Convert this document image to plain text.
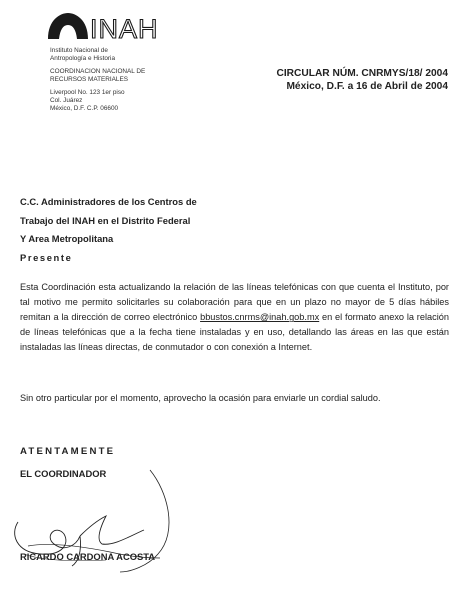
INAH
Instituto Nacional de
Antropología e Historia
COORDINACION NACIONAL DE
RECURSOS MATERIALES
Liverpool No. 123 1er piso
Col. Juárez
México, D.F. C.P. 06600
CIRCULAR NÚM. CNRMYS/18/ 2004
México, D.F. a 16 de Abril de 2004
C.C. Administradores de los Centros de
Trabajo del INAH en el Distrito Federal
Y Area Metropolitana
Presente
Esta Coordinación esta actualizando la relación de las líneas telefónicas con que cuenta el Instituto, por tal motivo me permito solicitarles su colaboración para que en un plazo no mayor de 5 días hábiles remitan a la dirección de correo electrónico bbustos.cnrms@inah.gob.mx en el formato anexo la relación de líneas telefónicas que a la fecha tiene instaladas y en uso, detallando las áreas en las que están instaladas las líneas directas, de conmutador o con conexión a Internet.
Sin otro particular por el momento, aprovecho la ocasión para enviarle un cordial saludo.
ATENTAMENTE
EL COORDINADOR
RICARDO CARDONA ACOSTA
